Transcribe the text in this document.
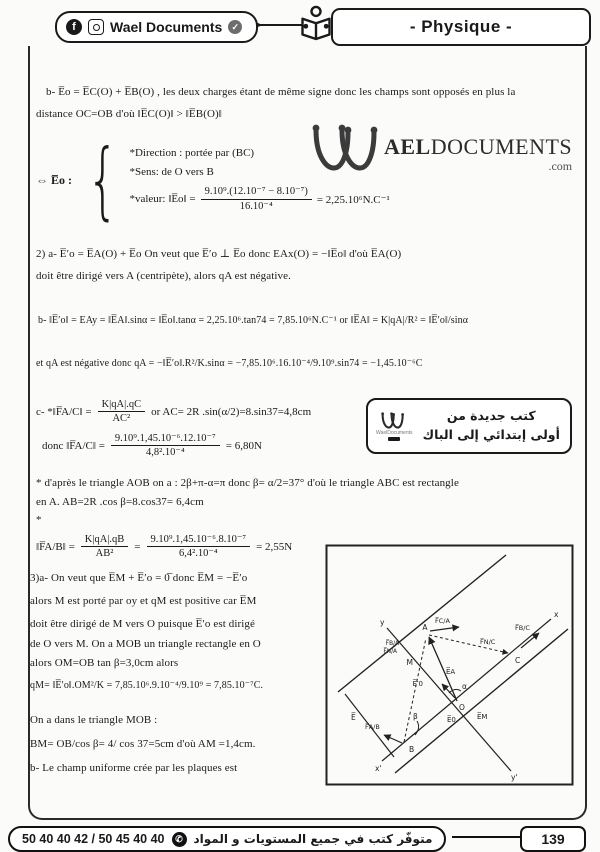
f	Wael Documents	✓	- Physique -
AELDOCUMENTS
.com
b- E̅o = E̅C(O) + E̅B(O) , les deux charges étant de même signe donc les champs sont opposés en plus la
distance OC=OB d'où ‖E̅C(O)‖ > ‖E̅B(O)‖
⇔ E̅o : { *Direction : portée par (BC)
*Sens: de O vers B
*valeur: ‖E̅o‖ = $\frac{\text{9.10⁹.(12.10⁻⁷ − 8.10⁻⁷)}}{\text{16.10⁻⁴}} = 2,25.10^6N.C^{-1}$
2) a- E̅′o = E̅A(O) + E̅o On veut que E̅′o ⊥ E̅o donc EAx(O) = −‖E̅o‖ d'où E̅A(O)
doit être dirigé vers A (centripète), alors qA est négative.
b- ‖E̅′o‖ = EAy = ‖E̅A‖.sinα = ‖E̅o‖.tanα = 2,25.10⁶.tan74 = 7,85.10⁶N.C⁻¹ or ‖E̅A‖ = K|qA|/R² = ‖E̅′o‖/sinα
et qA est négative donc qA = −‖E̅′o‖.R²/K.sinα = −7,85.10⁶.16.10⁻⁴/9.10⁹.sin74 = −1,45.10⁻⁶C
c- *‖F̅A/C‖ = $\frac{K|qA|.qC}{\text{AC²}}$ or AC= 2R .sin(α/2)=8.sin37=4,8cm
donc ‖F̅A/C‖ = $\frac{\text{9.10⁹.1,45.10⁻⁶.12.10⁻⁷}}{\text{4,8².10⁻⁴}} = 6,80N$
WaelDocuments
كتب جديدة من
أولى إبتدائي إلى الباك
* d'après le triangle AOB on a : 2β+π-α=π donc β= α/2=37° d'où le triangle ABC est rectangle
en A. AB=2R .cos β=8.cos37= 6,4cm
*
‖F̅A/B‖ = $\frac{K|qA|.qB}{\text{AB²}} = \frac{\text{9.10⁹.1,45.10⁻⁶.8.10⁻⁷}}{\text{6,4².10⁻⁴}} = 2,55N$
3)a- On veut que E̅M + E̅′o = 0̅ donc E̅M = −E̅′o
alors M est porté par oy et qM est positive car E̅M
doit être dirigé de M vers O puisque E̅′o est dirigé
de O vers M. On a MOB un triangle rectangle en O
alors OM=OB tan β=3,0cm alors
qM= ‖E̅′o‖.OM²/K = 7,85.10⁶.9.10⁻⁴/9.10⁹ = 7,85.10⁻⁷C.
On a dans le triangle MOB :
BM= OB/cos β= 4/ cos 37=5cm d'où AM =1,4cm.
b- Le champ uniforme crée par les plaques est
A
M
B
O
C
y
x
x'
y'
E̅
E̅A
E̅′0
E̅0	E̅M
F̅C/A
F̅N/C
F̅B/C
F̅A/B
F̅B/A
F̅N/A
α
β
50 40 40 42 / 50 45 40 40	✆ متوفّر كتب في جميع المستويات و المواد	139
